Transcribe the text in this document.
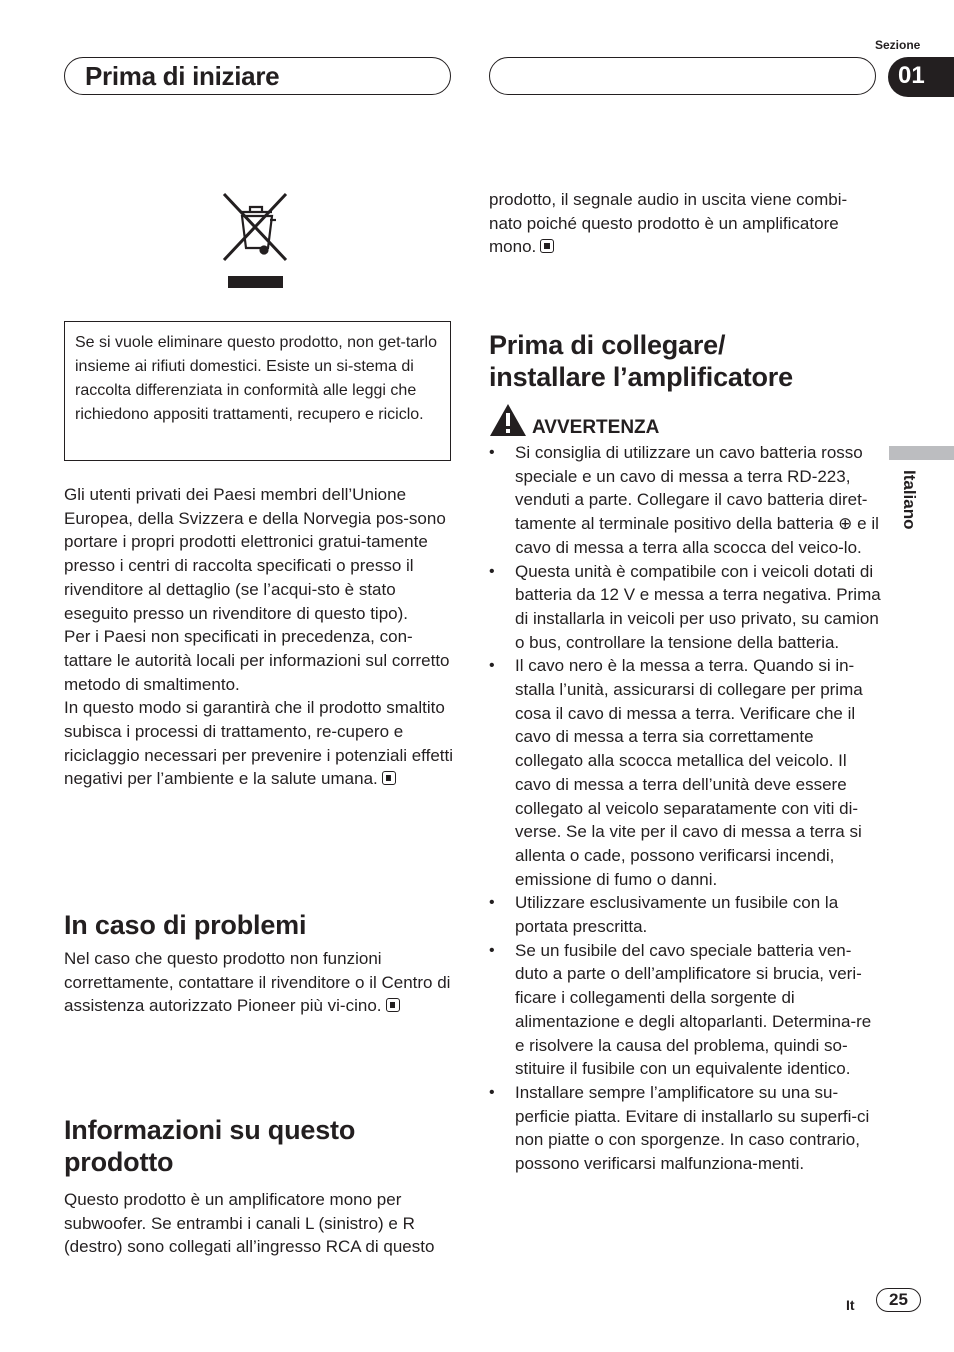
Prima di iniziare
Sezione
01
Italiano

Se si vuole eliminare questo prodotto, non get-tarlo insieme ai rifiuti domestici. Esiste un si-stema di raccolta differenziata in conformità alle leggi che richiedono appositi trattamenti, recupero e riciclo.

Gli utenti privati dei Paesi membri dell’Unione Europea, della Svizzera e della Norvegia pos-sono portare i propri prodotti elettronici gratui-tamente presso i centri di raccolta specificati o presso il rivenditore al dettaglio (se l’acqui-sto è stato eseguito presso un rivenditore di questo tipo).

Per i Paesi non specificati in precedenza, con-tattare le autorità locali per informazioni sul corretto metodo di smaltimento.

In questo modo si garantirà che il prodotto smaltito subisca i processi di trattamento, re-cupero e riciclaggio necessari per prevenire i potenziali effetti negativi per l’ambiente e la salute umana.

In caso di problemi

Nel caso che questo prodotto non funzioni correttamente, contattare il rivenditore o il Centro di assistenza autorizzato Pioneer più vi-cino.

Informazioni su questo prodotto

Questo prodotto è un amplificatore mono per subwoofer. Se entrambi i canali L (sinistro) e R (destro) sono collegati all’ingresso RCA di questo

prodotto, il segnale audio in uscita viene combi-nato poiché questo prodotto è un amplificatore mono.

Prima di collegare/ installare l’amplificatore
AVVERTENZA
• Si consiglia di utilizzare un cavo batteria rosso speciale e un cavo di messa a terra RD-223, venduti a parte. Collegare il cavo batteria diret-tamente al terminale positivo della batteria ⊕ e il cavo di messa a terra alla scocca del veico-lo.
• Questa unità è compatibile con i veicoli dotati di batteria da 12 V e messa a terra negativa. Prima di installarla in veicoli per uso privato, su camion o bus, controllare la tensione della batteria.
• Il cavo nero è la messa a terra. Quando si in-stalla l’unità, assicurarsi di collegare per prima cosa il cavo di messa a terra. Verificare che il cavo di messa a terra sia correttamente collegato alla scocca metallica del veicolo. Il cavo di messa a terra dell’unità deve essere collegato al veicolo separatamente con viti di-verse. Se la vite per il cavo di messa a terra si allenta o cade, possono verificarsi incendi, emissione di fumo o danni.
• Utilizzare esclusivamente un fusibile con la portata prescritta.
• Se un fusibile del cavo speciale batteria ven-duto a parte o dell’amplificatore si brucia, veri-ficare i collegamenti della sorgente di alimentazione e degli altoparlanti. Determina-re e risolvere la causa del problema, quindi so-stituire il fusibile con un equivalente identico.
• Installare sempre l’amplificatore su una su-perficie piatta. Evitare di installarlo su superfi-ci non piatte o con sporgenze. In caso contrario, possono verificarsi malfunziona-menti.
It	25
